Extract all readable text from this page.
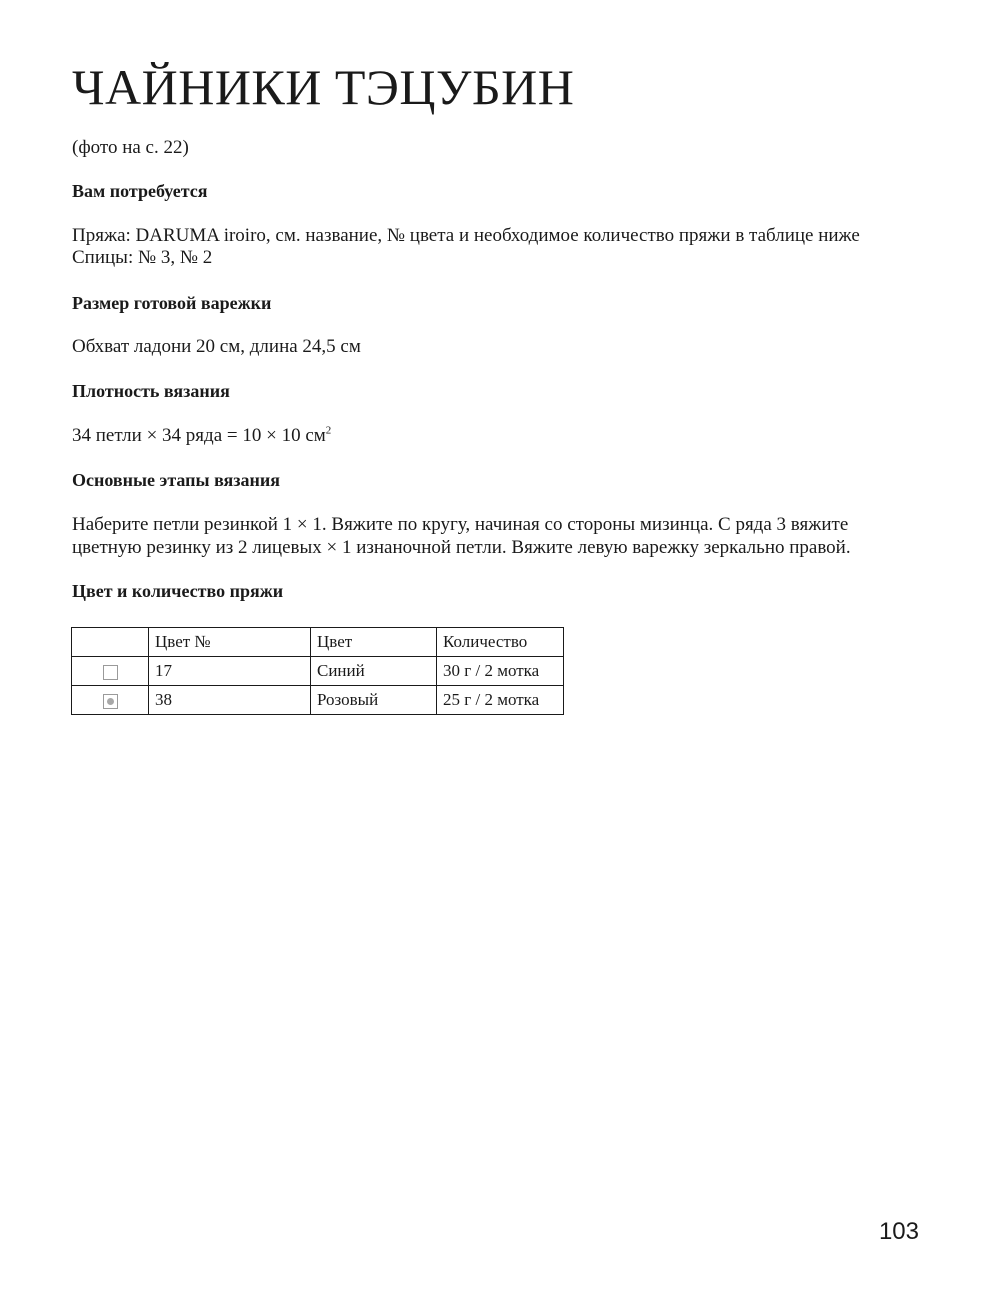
ЧАЙНИКИ ТЭЦУБИН

(фото на с. 22)

Вам потребуется

Пряжа: DARUMA iroiro, см. название, № цвета и необходимое количество пряжи в таблице ниже

Спицы: № 3, № 2

Размер готовой варежки

Обхват ладони 20 см, длина 24,5 см

Плотность вязания

34 петли × 34 ряда = 10 × 10 $см^2$

Основные этапы вязания

Наберите петли резинкой 1 × 1. Вяжите по кругу, начиная со стороны мизинца. С ряда 3 вяжите

цветную резинку из 2 лицевых × 1 изнаночной петли. Вяжите левую варежку зеркально правой.

Цвет и количество пряжи

	Цвет №	Цвет	Количество
	17	Синий	30 г / 2 мотка
	38	Розовый	25 г / 2 мотка

103
